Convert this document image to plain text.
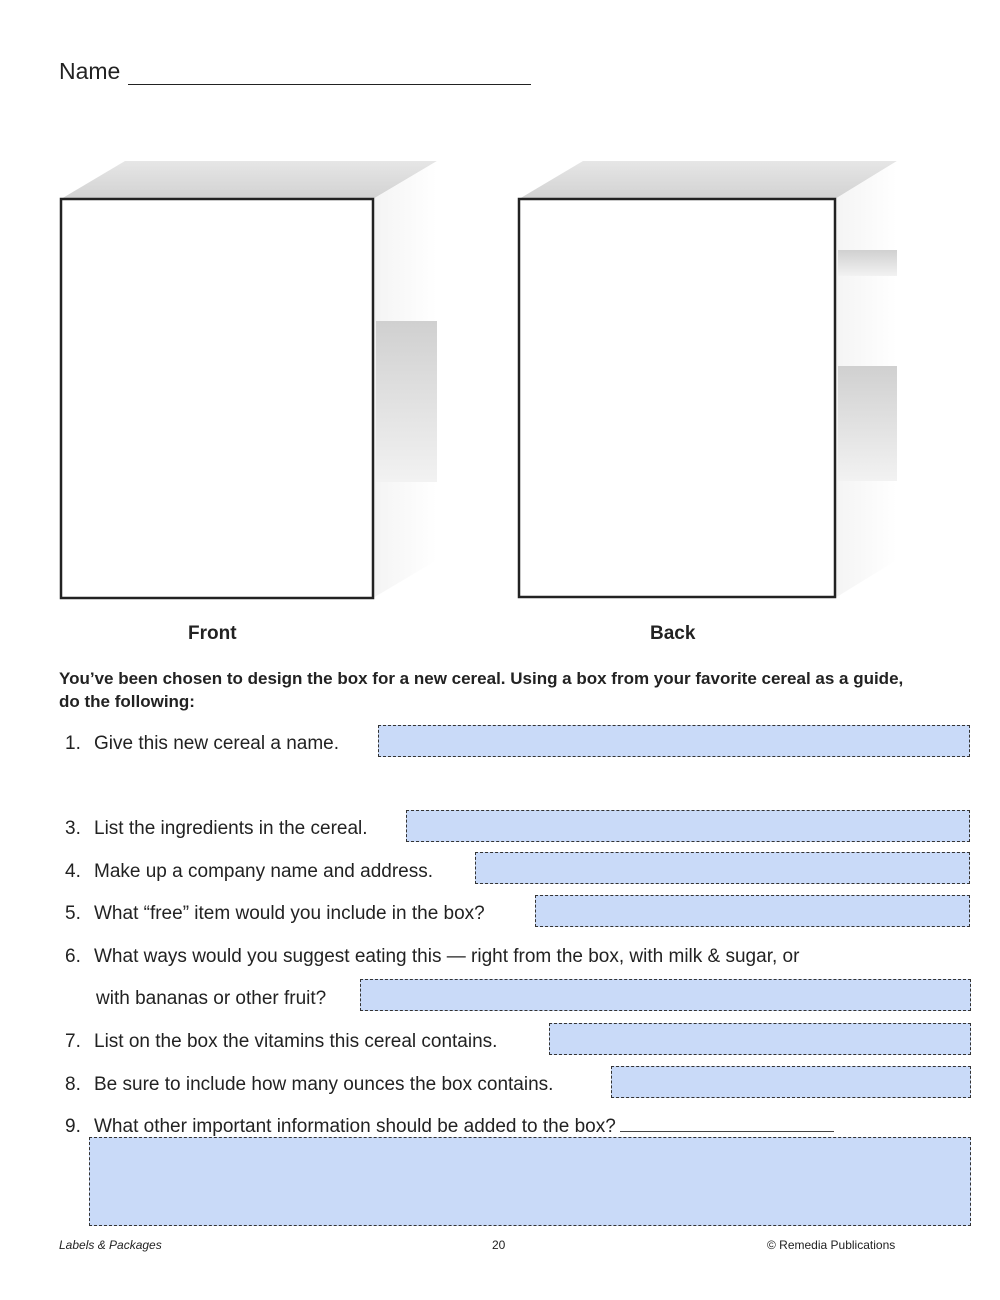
Name
Front	Back
You’ve been chosen to design the box for a new cereal. Using a box from your favorite cereal as a guide, do the following:
1. Give this new cereal a name.
3. List the ingredients in the cereal.
4. Make up a company name and address.
5. What “free” item would you include in the box?
6. What ways would you suggest eating this — right from the box, with milk & sugar, or
with bananas or other fruit?
7. List on the box the vitamins this cereal contains.
8. Be sure to include how many ounces the box contains.
9. What other important information should be added to the box?
Labels & Packages	20	© Remedia Publications
